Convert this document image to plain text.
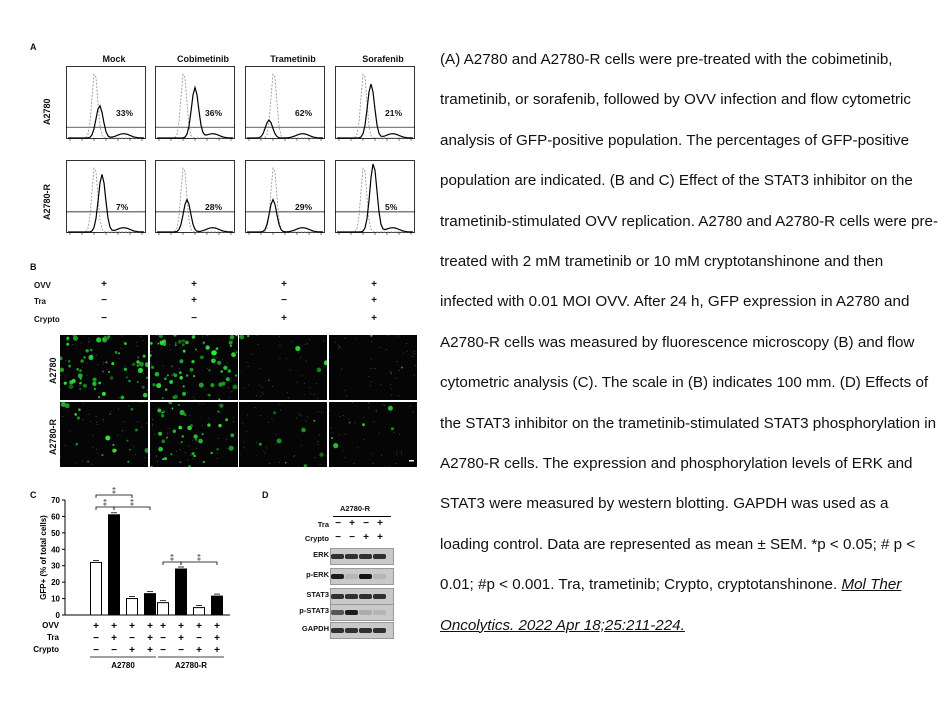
A
Mock	Cobimetinib	Trametinib	Sorafenib
A2780
A2780-R
33%	36%	62%	21%
7%	28%	29%	5%
B
OVV	+	+	+	+
Tra	−	+	−	+
Crypto	−	−	+	+
A2780
A2780-R
C
0
10
20
30
40
50
60
70
GFP+ (% of total cells)
‡
‡	‡
‡	‡
OVV	+ + + + + + + +
Tra	− + − + − + − +
Crypto	− − + + − − + +
A2780	A2780-R
D
A2780-R
Tra − + − +
Crypto − − + +
ERK
p-ERK
STAT3
p-STAT3
GAPDH
(A) A2780 and A2780-R cells were pre-treated with the cobimetinib, trametinib, or sorafenib, followed by OVV infection and flow cytometric analysis of GFP-positive population. The percentages of GFP-positive population are indicated. (B and C) Effect of the STAT3 inhibitor on the trametinib-stimulated OVV replication. A2780 and A2780-R cells were pre-treated with 2 mM trametinib or 10 mM cryptotanshinone and then infected with 0.01 MOI OVV. After 24 h, GFP expression in A2780 and A2780-R cells was measured by fluorescence microscopy (B) and flow cytometric analysis (C). The scale in (B) indicates 100 mm. (D) Effects of the STAT3 inhibitor on the trametinib-stimulated STAT3 phosphorylation in A2780-R cells. The expression and phosphorylation levels of ERK and STAT3 were measured by western blotting. GAPDH was used as a loading control. Data are represented as mean ± SEM. *p < 0.05; # p < 0.01; #p < 0.001. Tra, trametinib; Crypto, cryptotanshinone. Mol Ther Oncolytics. 2022 Apr 18;25:211-224.
